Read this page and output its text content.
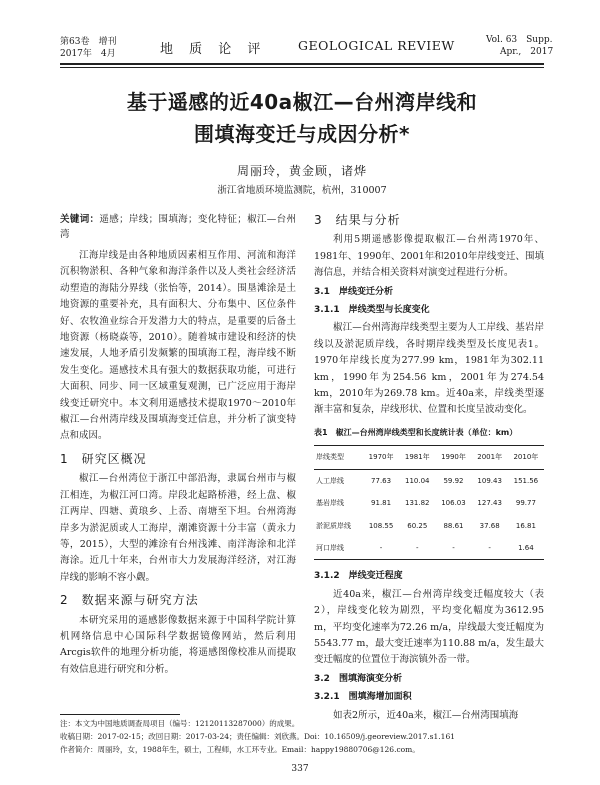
第63卷　增刊
2017年　4月	地 质 论 评	GEOLOGICAL REVIEW	Vol. 63　Supp.
Apr.,　2017
基于遥感的近40a椒江—台州湾岸线和
围填海变迁与成因分析*
周丽玲，黄金顾，诸烨
浙江省地质环境监测院，杭州，310007

关键词：遥感；岸线；围填海；变化特征；椒江—台州湾

江海岸线是由各种地质因素相互作用、河流和海洋沉积物淤积、各种气象和海洋条件以及人类社会经济活动塑造的海陆分界线（张怡等，2014）。围垦滩涂是土地资源的重要补充，具有面积大、分布集中、区位条件好、农牧渔业综合开发潜力大的特点，是重要的后备土地资源（杨晓焱等，2010）。随着城市建设和经济的快速发展，人地矛盾引发频繁的围填海工程，海岸线不断发生变化。遥感技术具有强大的数据获取功能，可进行大面积、同步、同一区域重复观测，已广泛应用于海岸线变迁研究中。本文利用遥感技术提取1970～2010年椒江—台州湾岸线及围填海变迁信息，并分析了演变特点和成因。

1　研究区概况

椒江—台州湾位于浙江中部沿海，隶属台州市与椒江相连，为椒江河口湾。岸段北起路桥港，经上盘、椒江两岸、四塘、黄琅乡、上岙、南塘至下坦。台州湾海岸多为淤泥质或人工海岸，潮滩资源十分丰富（黄永力等，2015），大型的滩涂有台州浅滩、南洋海涂和北洋海涂。近几十年来，台州市大力发展海洋经济，对江海岸线的影响不容小觑。

2　数据来源与研究方法

本研究采用的遥感影像数据来源于中国科学院计算机网络信息中心国际科学数据镜像网站，然后利用Arcgis软件的地理分析功能，将遥感图像校准从而提取有效信息进行研究和分析。

3　结果与分析

利用5期遥感影像提取椒江—台州湾1970年、1981年、1990年、2001年和2010年岸线变迁、围填海信息，并结合相关资料对演变过程进行分析。

3.1　岸线变迁分析
3.1.1　岸线类型与长度变化

椒江—台州湾海岸线类型主要为人工岸线、基岩岸线以及淤泥质岸线，各时期岸线类型及长度见表1。1970年岸线长度为277.99 km，1981年为302.11 km，1990年为254.56 km，2001年为274.54 km，2010年为269.78 km。近40a来，岸线类型逐渐丰富和复杂，岸线形状、位置和长度呈波动变化。

表1　椒江—台州湾岸线类型和长度统计表（单位：km）
岸线类型	1970年	1981年	1990年	2001年	2010年
人工岸线	77.63	110.04	59.92	109.43	151.56
基岩岸线	91.81	131.82	106.03	127.43	99.77
淤泥质岸线	108.55	60.25	88.61	37.68	16.81
河口岸线	-	-	-	-	1.64
3.1.2　岸线变迁程度

近40a来，椒江—台州湾岸线变迁幅度较大（表2），岸线变化较为剧烈，平均变化幅度为3612.95 m，平均变化速率为72.26 m/a，岸线最大变迁幅度为5543.77 m，最大变迁速率为110.88 m/a，发生最大变迁幅度的位置位于海滨镇外岙一带。

3.2　围填海演变分析
3.2.1　围填海增加面积

如表2所示，近40a来，椒江—台州湾围填海

注：本文为中国地质调查局项目（编号：12120113287000）的成果。
收稿日期：2017-02-15；改回日期：2017-03-24；责任编辑：刘欣燕。Doi：10.16509/j.georeview.2017.s1.161
作者简介：周丽玲，女，1988年生，硕士，工程师，水工环专业。Email：happy19880706@126.com。
337
